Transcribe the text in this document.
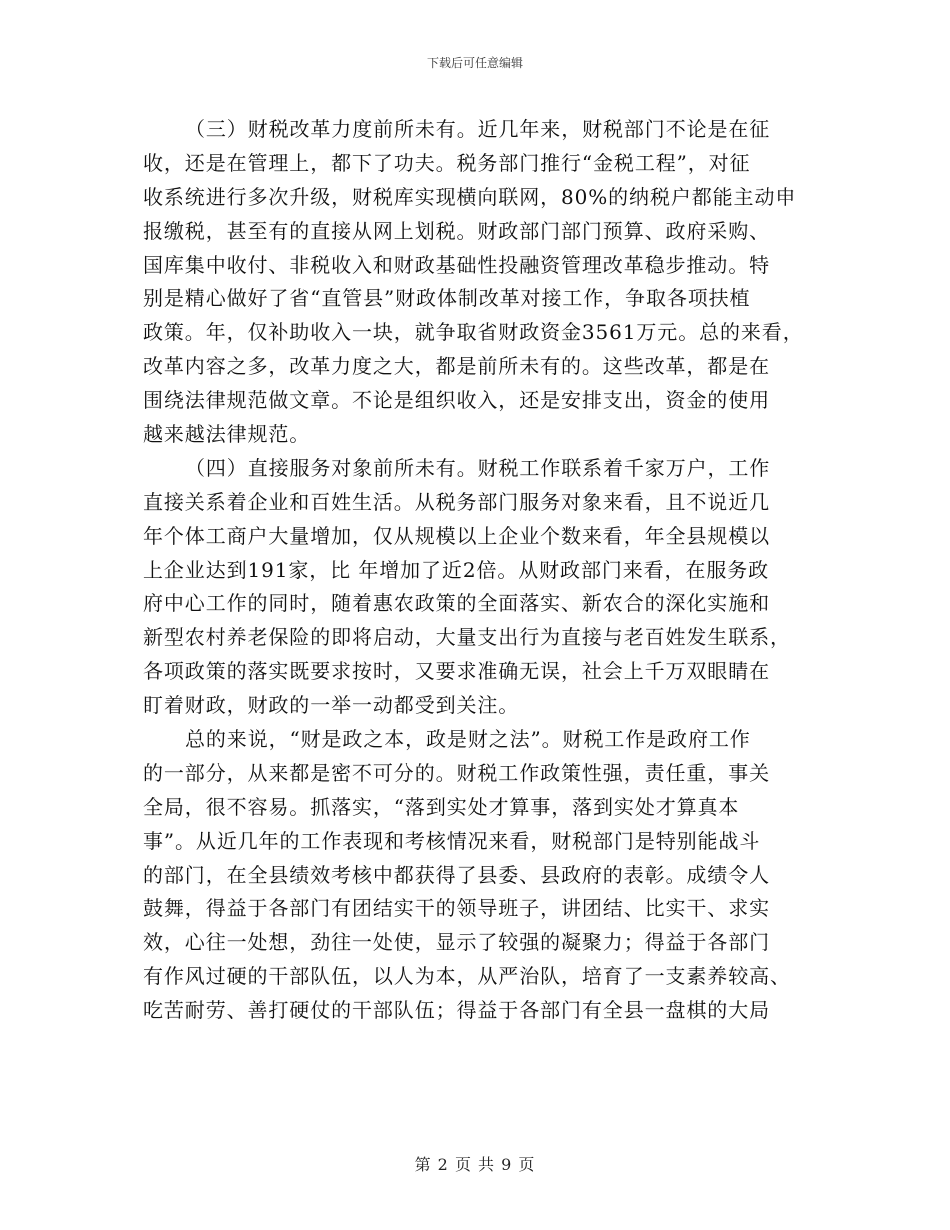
下载后可任意编辑
（三）财税改革力度前所未有。近几年来，财税部门不论是在征
收，还是在管理上，都下了功夫。税务部门推行“金税工程”，对征
收系统进行多次升级，财税库实现横向联网，80%的纳税户都能主动申
报缴税，甚至有的直接从网上划税。财政部门部门预算、政府采购、
国库集中收付、非税收入和财政基础性投融资管理改革稳步推动。特
别是精心做好了省“直管县”财政体制改革对接工作，争取各项扶植
政策。年，仅补助收入一块，就争取省财政资金3561万元。总的来看，
改革内容之多，改革力度之大，都是前所未有的。这些改革，都是在
围绕法律规范做文章。不论是组织收入，还是安排支出，资金的使用
越来越法律规范。
（四）直接服务对象前所未有。财税工作联系着千家万户，工作
直接关系着企业和百姓生活。从税务部门服务对象来看，且不说近几
年个体工商户大量增加，仅从规模以上企业个数来看，年全县规模以
上企业达到191家，比 年增加了近2倍。从财政部门来看，在服务政
府中心工作的同时，随着惠农政策的全面落实、新农合的深化实施和
新型农村养老保险的即将启动，大量支出行为直接与老百姓发生联系，
各项政策的落实既要求按时，又要求准确无误，社会上千万双眼睛在
盯着财政，财政的一举一动都受到关注。
总的来说，“财是政之本，政是财之法”。财税工作是政府工作
的一部分，从来都是密不可分的。财税工作政策性强，责任重，事关
全局，很不容易。抓落实，“落到实处才算事，落到实处才算真本
事”。从近几年的工作表现和考核情况来看，财税部门是特别能战斗
的部门，在全县绩效考核中都获得了县委、县政府的表彰。成绩令人
鼓舞，得益于各部门有团结实干的领导班子，讲团结、比实干、求实
效，心往一处想，劲往一处使，显示了较强的凝聚力；得益于各部门
有作风过硬的干部队伍，以人为本，从严治队，培育了一支素养较高、
吃苦耐劳、善打硬仗的干部队伍；得益于各部门有全县一盘棋的大局
第 2 页 共 9 页
